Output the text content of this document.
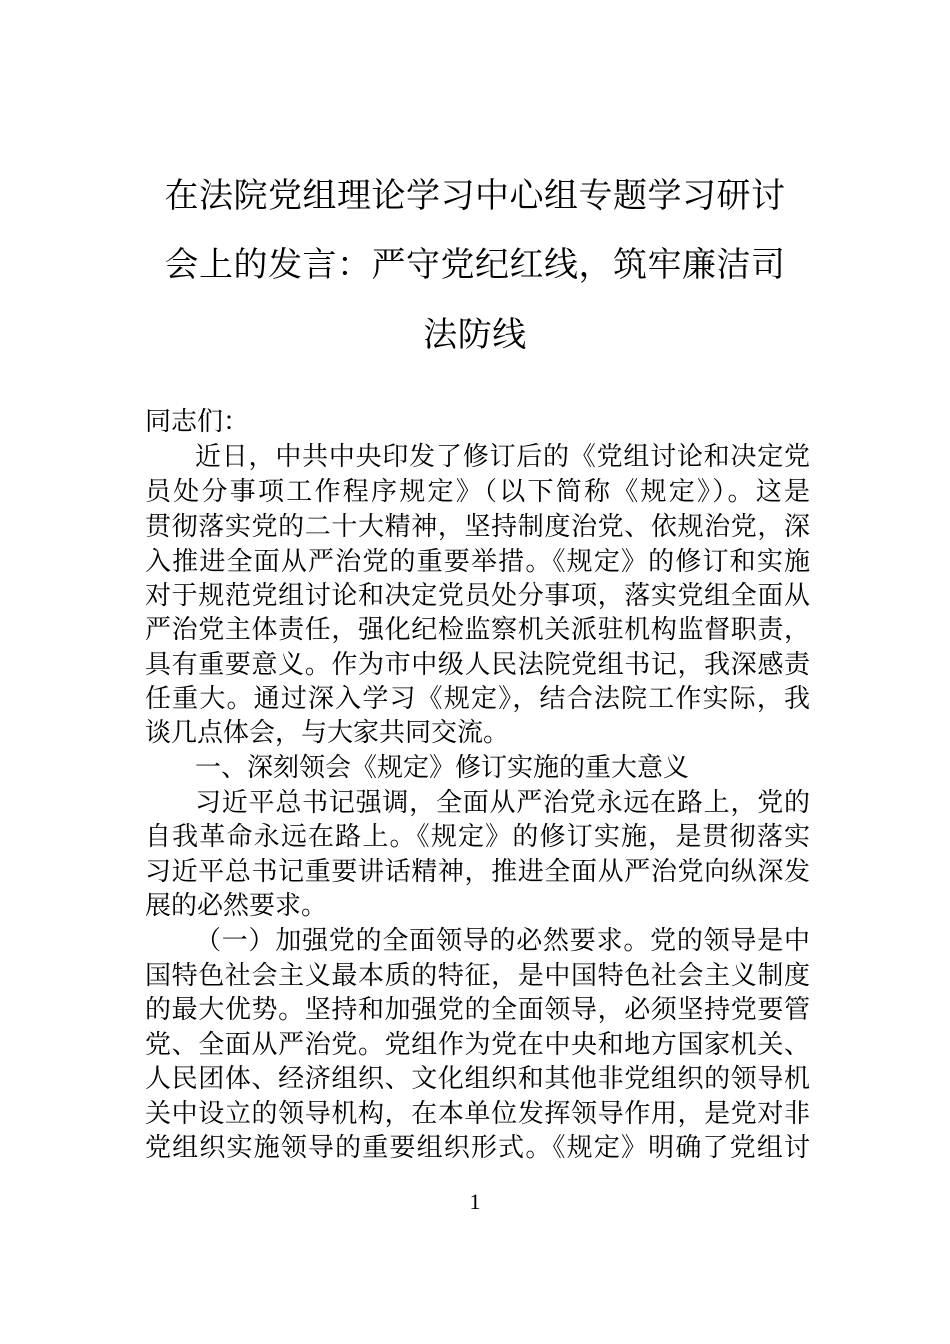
在法院党组理论学习中心组专题学习研讨
会上的发言：严守党纪红线，筑牢廉洁司
法防线
同志们：
近日，中共中央印发了修订后的《党组讨论和决定党
员处分事项工作程序规定》（以下简称《规定》）。这是
贯彻落实党的二十大精神，坚持制度治党、依规治党，深
入推进全面从严治党的重要举措。《规定》的修订和实施
对于规范党组讨论和决定党员处分事项，落实党组全面从
严治党主体责任，强化纪检监察机关派驻机构监督职责，
具有重要意义。作为市中级人民法院党组书记，我深感责
任重大。通过深入学习《规定》，结合法院工作实际，我
谈几点体会，与大家共同交流。
一、深刻领会《规定》修订实施的重大意义
习近平总书记强调，全面从严治党永远在路上，党的
自我革命永远在路上。《规定》的修订实施，是贯彻落实
习近平总书记重要讲话精神，推进全面从严治党向纵深发
展的必然要求。
（一）加强党的全面领导的必然要求。党的领导是中
国特色社会主义最本质的特征，是中国特色社会主义制度
的最大优势。坚持和加强党的全面领导，必须坚持党要管
党、全面从严治党。党组作为党在中央和地方国家机关、
人民团体、经济组织、文化组织和其他非党组织的领导机
关中设立的领导机构，在本单位发挥领导作用，是党对非
党组织实施领导的重要组织形式。《规定》明确了党组讨
1
